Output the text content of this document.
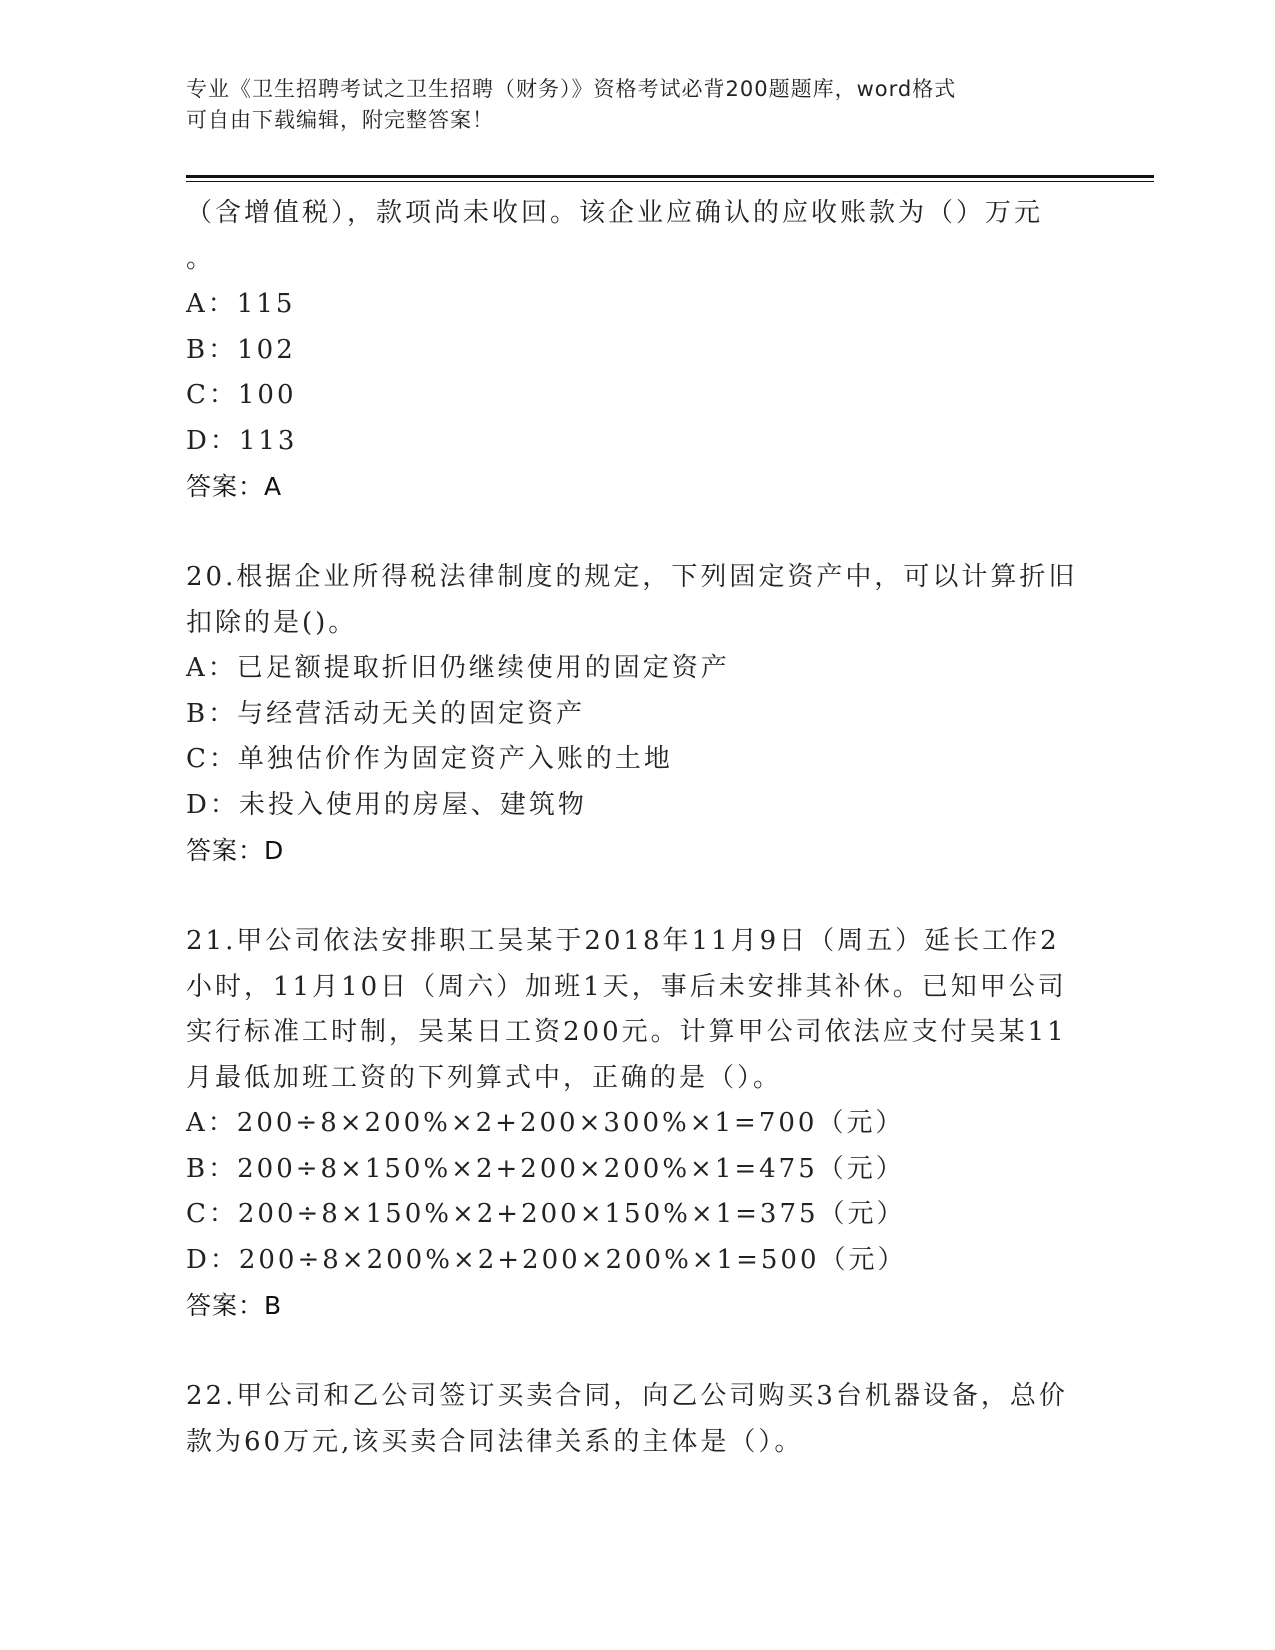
专业《卫生招聘考试之卫生招聘（财务）》资格考试必背200题题库，word格式
可自由下载编辑，附完整答案！
（含增值税），款项尚未收回。该企业应确认的应收账款为（）万元
。
A：115
B：102
C：100
D：113
答案：A
20.根据企业所得税法律制度的规定，下列固定资产中，可以计算折旧
扣除的是()。
A：已足额提取折旧仍继续使用的固定资产
B：与经营活动无关的固定资产
C：单独估价作为固定资产入账的土地
D：未投入使用的房屋、建筑物
答案：D
21.甲公司依法安排职工吴某于2018年11月9日（周五）延长工作2
小时，11月10日（周六）加班1天，事后未安排其补休。已知甲公司
实行标准工时制，吴某日工资200元。计算甲公司依法应支付吴某11
月最低加班工资的下列算式中，正确的是（）。
A：200÷8×200%×2+200×300%×1=700（元）
B：200÷8×150%×2+200×200%×1=475（元）
C：200÷8×150%×2+200×150%×1=375（元）
D：200÷8×200%×2+200×200%×1=500（元）
答案：B
22.甲公司和乙公司签订买卖合同，向乙公司购买3台机器设备，总价
款为60万元,该买卖合同法律关系的主体是（）。
